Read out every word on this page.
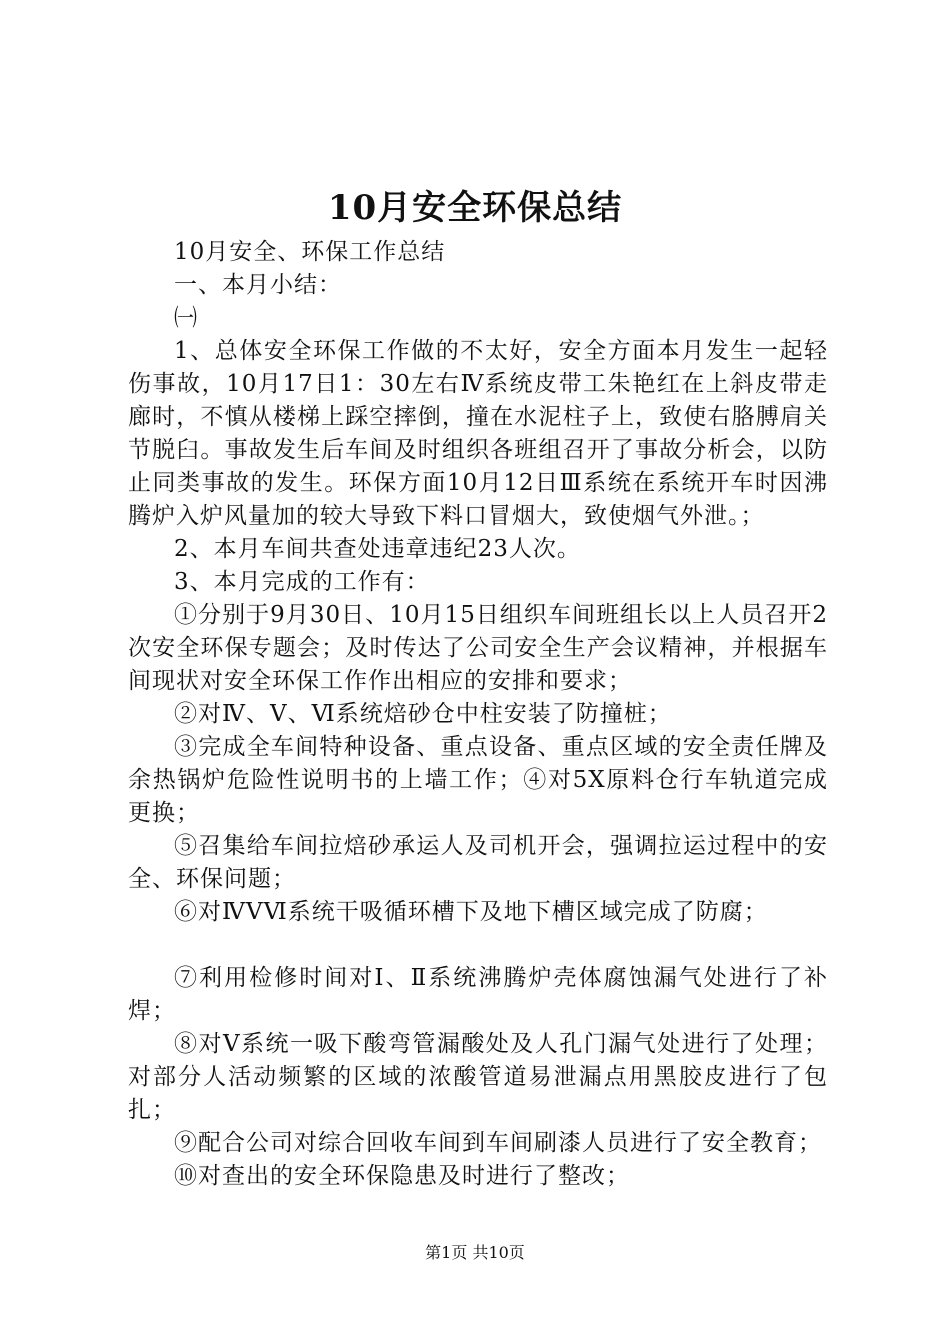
10月安全环保总结

10月安全、环保工作总结

一、本月小结：

㈠

1、总体安全环保工作做的不太好，安全方面本月发生一起轻伤事故，10月17日1：30左右Ⅳ系统皮带工朱艳红在上斜皮带走廊时，不慎从楼梯上踩空摔倒，撞在水泥柱子上，致使右胳膊肩关节脱臼。事故发生后车间及时组织各班组召开了事故分析会，以防止同类事故的发生。环保方面10月12日Ⅲ系统在系统开车时因沸腾炉入炉风量加的较大导致下料口冒烟大，致使烟气外泄。；

2、本月车间共查处违章违纪23人次。

3、本月完成的工作有：

①分别于9月30日、10月15日组织车间班组长以上人员召开2次安全环保专题会；及时传达了公司安全生产会议精神，并根据车间现状对安全环保工作作出相应的安排和要求；

②对Ⅳ、Ⅴ、Ⅵ系统焙砂仓中柱安装了防撞桩；

③完成全车间特种设备、重点设备、重点区域的安全责任牌及余热锅炉危险性说明书的上墙工作；④对5X原料仓行车轨道完成更换；

⑤召集给车间拉焙砂承运人及司机开会，强调拉运过程中的安全、环保问题；

⑥对ⅣⅤⅥ系统干吸循环槽下及地下槽区域完成了防腐；

⑦利用检修时间对Ⅰ、Ⅱ系统沸腾炉壳体腐蚀漏气处进行了补焊；

⑧对Ⅴ系统一吸下酸弯管漏酸处及人孔门漏气处进行了处理；对部分人活动频繁的区域的浓酸管道易泄漏点用黑胶皮进行了包扎；

⑨配合公司对综合回收车间到车间刷漆人员进行了安全教育；

⑩对查出的安全环保隐患及时进行了整改；

第1页 共10页
